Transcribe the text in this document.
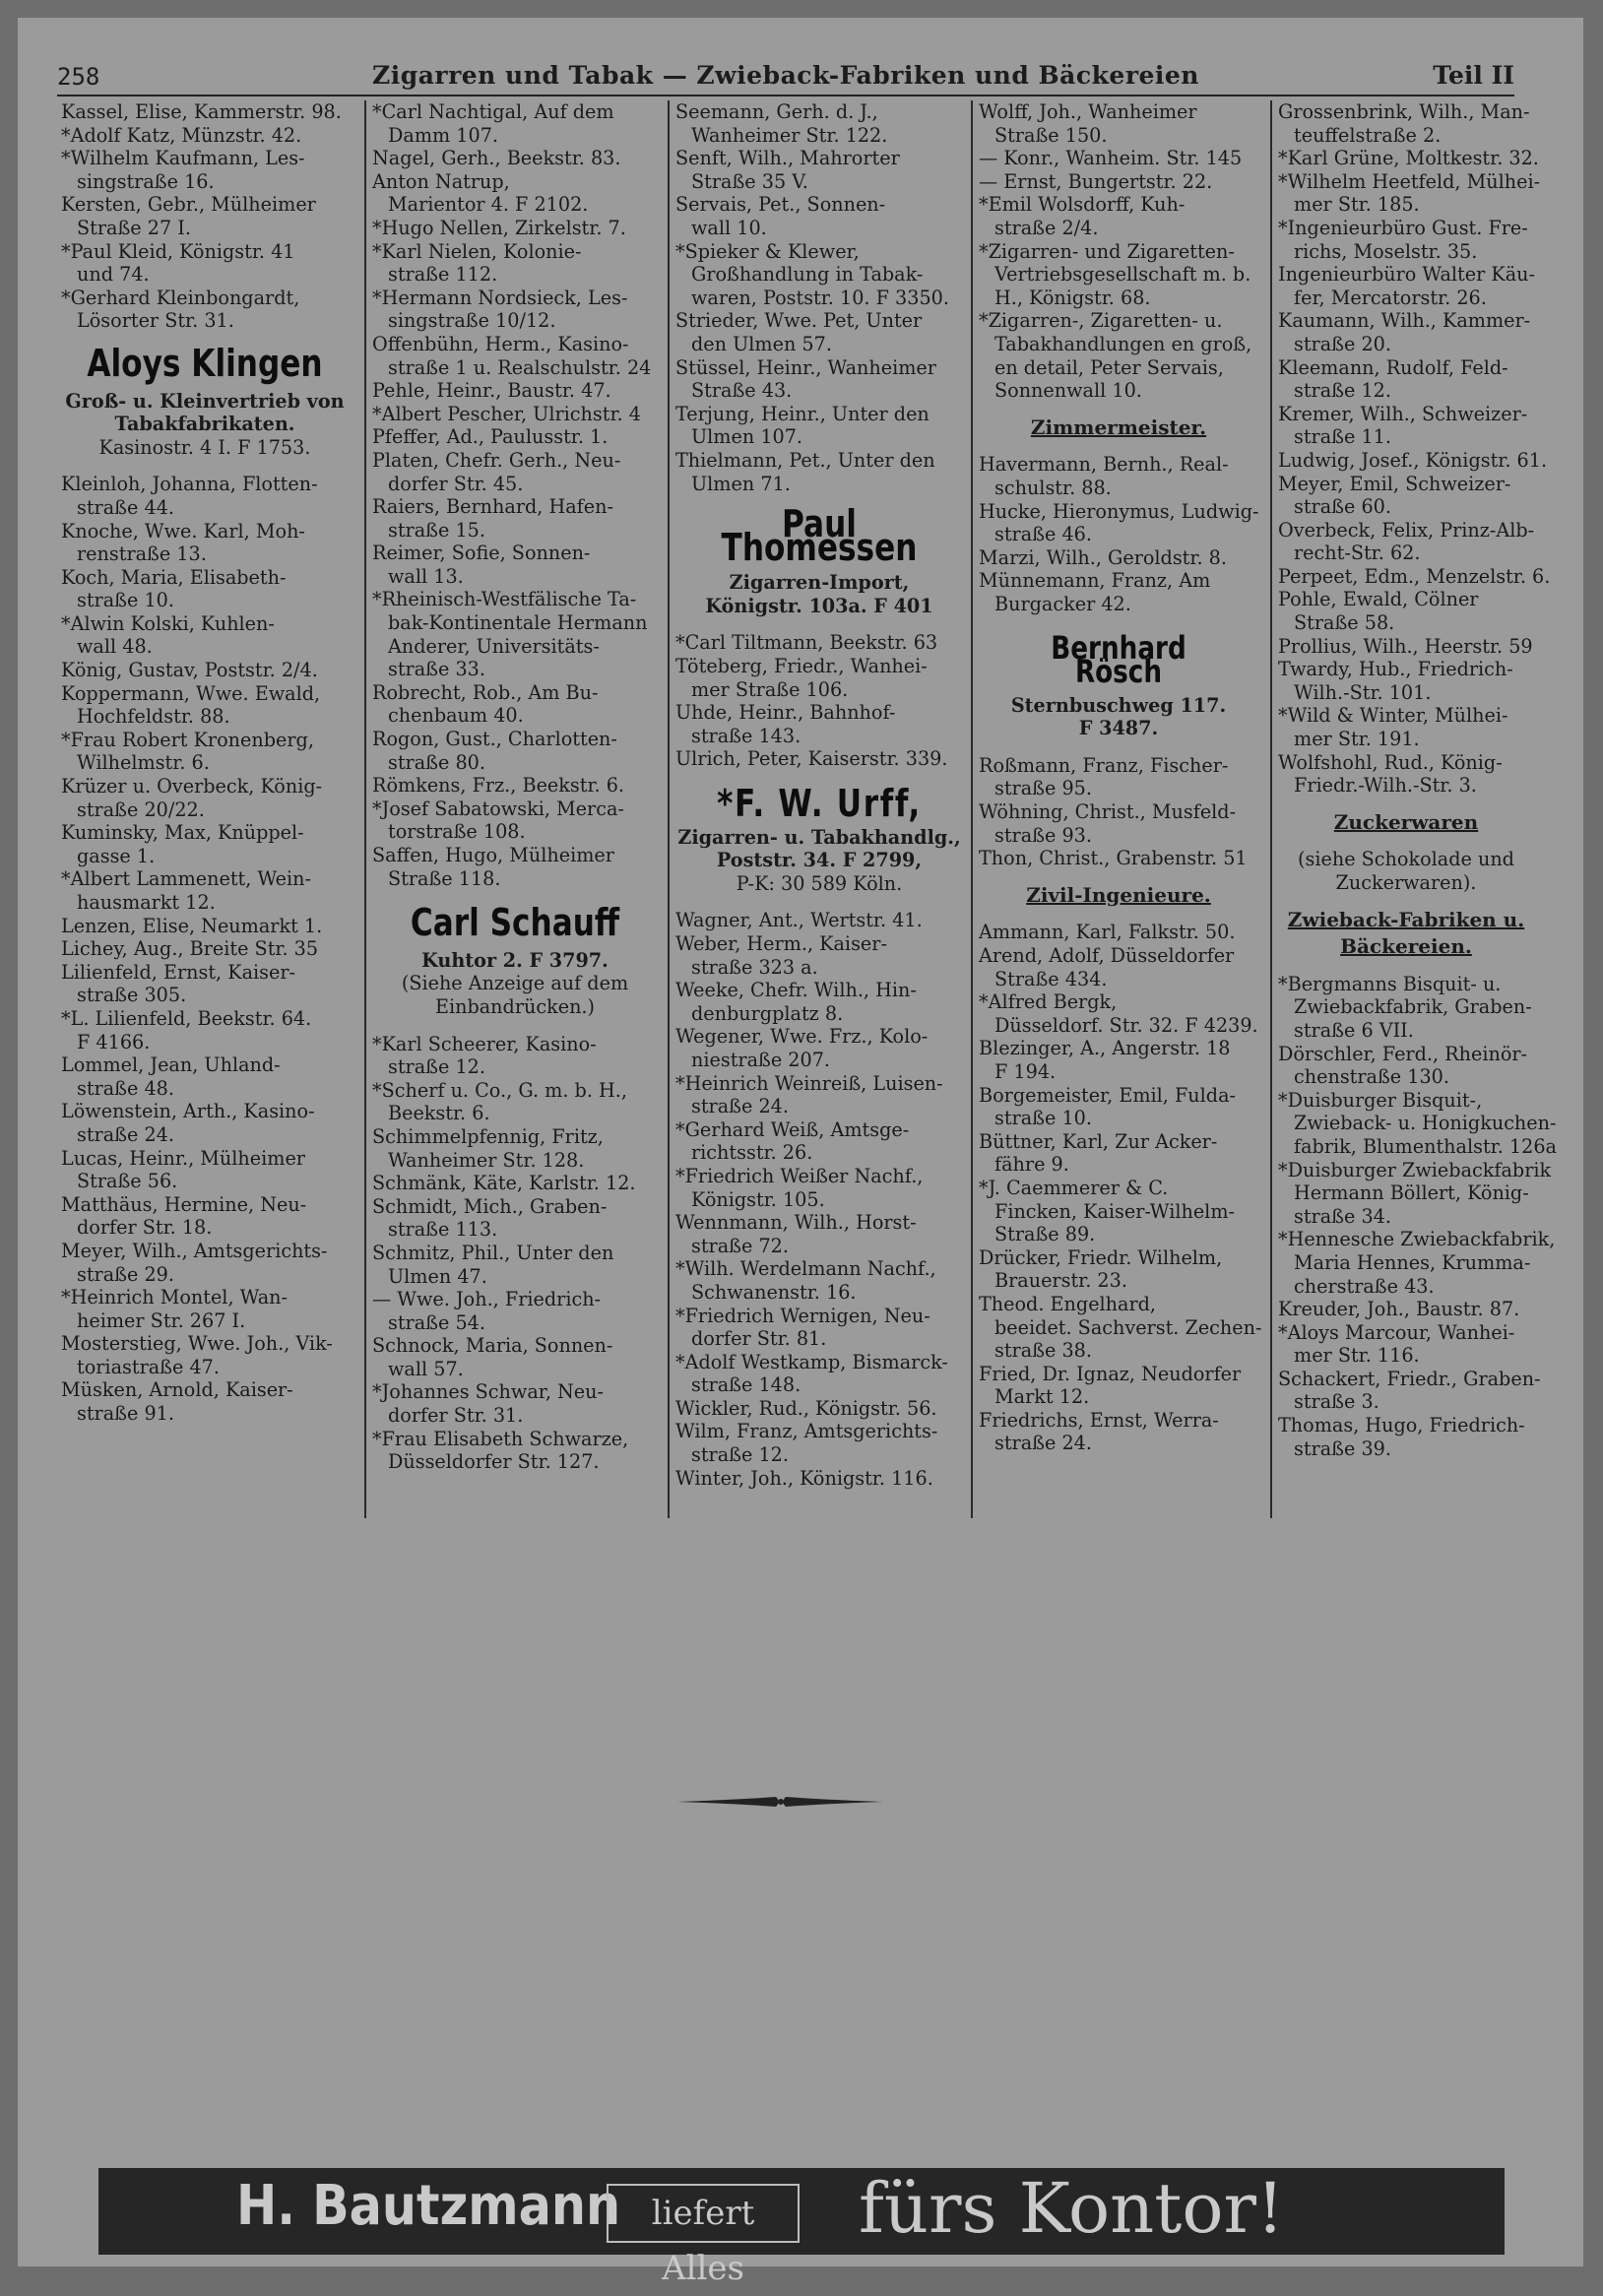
258	Zigarren und Tabak — Zwieback-Fabriken und Bäckereien	Teil II
Kassel, Elise, Kammerstr. 98.
*Adolf Katz, Münzstr. 42.
*Wilhelm Kaufmann, Les-
singstraße 16.
Kersten, Gebr., Mülheimer
Straße 27 I.
*Paul Kleid, Königstr. 41
und 74.
*Gerhard Kleinbongardt,
Lösorter Str. 31.
Aloys Klingen
Groß- u. Kleinvertrieb von
Tabakfabrikaten.
Kasinostr. 4 I. F 1753.
Kleinloh, Johanna, Flotten-
straße 44.
Knoche, Wwe. Karl, Moh-
renstraße 13.
Koch, Maria, Elisabeth-
straße 10.
*Alwin Kolski, Kuhlen-
wall 48.
König, Gustav, Poststr. 2/4.
Koppermann, Wwe. Ewald,
Hochfeldstr. 88.
*Frau Robert Kronenberg,
Wilhelmstr. 6.
Krüzer u. Overbeck, König-
straße 20/22.
Kuminsky, Max, Knüppel-
gasse 1.
*Albert Lammenett, Wein-
hausmarkt 12.
Lenzen, Elise, Neumarkt 1.
Lichey, Aug., Breite Str. 35
Lilienfeld, Ernst, Kaiser-
straße 305.
*L. Lilienfeld, Beekstr. 64.
F 4166.
Lommel, Jean, Uhland-
straße 48.
Löwenstein, Arth., Kasino-
straße 24.
Lucas, Heinr., Mülheimer
Straße 56.
Matthäus, Hermine, Neu-
dorfer Str. 18.
Meyer, Wilh., Amtsgerichts-
straße 29.
*Heinrich Montel, Wan-
heimer Str. 267 I.
Mosterstieg, Wwe. Joh., Vik-
toriastraße 47.
Müsken, Arnold, Kaiser-
straße 91.
*Carl Nachtigal, Auf dem
Damm 107.
Nagel, Gerh., Beekstr. 83.
Anton Natrup,
Marientor 4. F 2102.
*Hugo Nellen, Zirkelstr. 7.
*Karl Nielen, Kolonie-
straße 112.
*Hermann Nordsieck, Les-
singstraße 10/12.
Offenbühn, Herm., Kasino-
straße 1 u. Realschulstr. 24
Pehle, Heinr., Baustr. 47.
*Albert Pescher, Ulrichstr. 4
Pfeffer, Ad., Paulusstr. 1.
Platen, Chefr. Gerh., Neu-
dorfer Str. 45.
Raiers, Bernhard, Hafen-
straße 15.
Reimer, Sofie, Sonnen-
wall 13.
*Rheinisch-Westfälische Ta-
bak-Kontinentale Hermann
Anderer, Universitäts-
straße 33.
Robrecht, Rob., Am Bu-
chenbaum 40.
Rogon, Gust., Charlotten-
straße 80.
Römkens, Frz., Beekstr. 6.
*Josef Sabatowski, Merca-
torstraße 108.
Saffen, Hugo, Mülheimer
Straße 118.
Carl Schauff
Kuhtor 2. F 3797.
(Siehe Anzeige auf dem
Einbandrücken.)
*Karl Scheerer, Kasino-
straße 12.
*Scherf u. Co., G. m. b. H.,
Beekstr. 6.
Schimmelpfennig, Fritz,
Wanheimer Str. 128.
Schmänk, Käte, Karlstr. 12.
Schmidt, Mich., Graben-
straße 113.
Schmitz, Phil., Unter den
Ulmen 47.
— Wwe. Joh., Friedrich-
straße 54.
Schnock, Maria, Sonnen-
wall 57.
*Johannes Schwar, Neu-
dorfer Str. 31.
*Frau Elisabeth Schwarze,
Düsseldorfer Str. 127.
Seemann, Gerh. d. J.,
Wanheimer Str. 122.
Senft, Wilh., Mahrorter
Straße 35 V.
Servais, Pet., Sonnen-
wall 10.
*Spieker & Klewer,
Großhandlung in Tabak-
waren, Poststr. 10. F 3350.
Strieder, Wwe. Pet, Unter
den Ulmen 57.
Stüssel, Heinr., Wanheimer
Straße 43.
Terjung, Heinr., Unter den
Ulmen 107.
Thielmann, Pet., Unter den
Ulmen 71.
Paul Thomessen
Zigarren-Import,
Königstr. 103a. F 401
*Carl Tiltmann, Beekstr. 63
Töteberg, Friedr., Wanhei-
mer Straße 106.
Uhde, Heinr., Bahnhof-
straße 143.
Ulrich, Peter, Kaiserstr. 339.
*F. W. Urff,
Zigarren- u. Tabakhandlg.,
Poststr. 34. F 2799,
P-K: 30 589 Köln.
Wagner, Ant., Wertstr. 41.
Weber, Herm., Kaiser-
straße 323 a.
Weeke, Chefr. Wilh., Hin-
denburgplatz 8.
Wegener, Wwe. Frz., Kolo-
niestraße 207.
*Heinrich Weinreiß, Luisen-
straße 24.
*Gerhard Weiß, Amtsge-
richtsstr. 26.
*Friedrich Weißer Nachf.,
Königstr. 105.
Wennmann, Wilh., Horst-
straße 72.
*Wilh. Werdelmann Nachf.,
Schwanenstr. 16.
*Friedrich Wernigen, Neu-
dorfer Str. 81.
*Adolf Westkamp, Bismarck-
straße 148.
Wickler, Rud., Königstr. 56.
Wilm, Franz, Amtsgerichts-
straße 12.
Winter, Joh., Königstr. 116.
Wolff, Joh., Wanheimer
Straße 150.
— Konr., Wanheim. Str. 145
— Ernst, Bungertstr. 22.
*Emil Wolsdorff, Kuh-
straße 2/4.
*Zigarren- und Zigaretten-
Vertriebsgesellschaft m. b.
H., Königstr. 68.
*Zigarren-, Zigaretten- u.
Tabakhandlungen en groß,
en detail, Peter Servais,
Sonnenwall 10.
Zimmermeister.
Havermann, Bernh., Real-
schulstr. 88.
Hucke, Hieronymus, Ludwig-
straße 46.
Marzi, Wilh., Geroldstr. 8.
Münnemann, Franz, Am
Burgacker 42.
Bernhard Rösch
Sternbuschweg 117.
F 3487.
Roßmann, Franz, Fischer-
straße 95.
Wöhning, Christ., Musfeld-
straße 93.
Thon, Christ., Grabenstr. 51
Zivil-Ingenieure.
Ammann, Karl, Falkstr. 50.
Arend, Adolf, Düsseldorfer
Straße 434.
*Alfred Bergk,
Düsseldorf. Str. 32. F 4239.
Blezinger, A., Angerstr. 18
F 194.
Borgemeister, Emil, Fulda-
straße 10.
Büttner, Karl, Zur Acker-
fähre 9.
*J. Caemmerer & C.
Fincken, Kaiser-Wilhelm-
Straße 89.
Drücker, Friedr. Wilhelm,
Brauerstr. 23.
Theod. Engelhard,
beeidet. Sachverst. Zechen-
straße 38.
Fried, Dr. Ignaz, Neudorfer
Markt 12.
Friedrichs, Ernst, Werra-
straße 24.
Grossenbrink, Wilh., Man-
teuffelstraße 2.
*Karl Grüne, Moltkestr. 32.
*Wilhelm Heetfeld, Mülhei-
mer Str. 185.
*Ingenieurbüro Gust. Fre-
richs, Moselstr. 35.
Ingenieurbüro Walter Käu-
fer, Mercatorstr. 26.
Kaumann, Wilh., Kammer-
straße 20.
Kleemann, Rudolf, Feld-
straße 12.
Kremer, Wilh., Schweizer-
straße 11.
Ludwig, Josef., Königstr. 61.
Meyer, Emil, Schweizer-
straße 60.
Overbeck, Felix, Prinz-Alb-
recht-Str. 62.
Perpeet, Edm., Menzelstr. 6.
Pohle, Ewald, Cölner
Straße 58.
Prollius, Wilh., Heerstr. 59
Twardy, Hub., Friedrich-
Wilh.-Str. 101.
*Wild & Winter, Mülhei-
mer Str. 191.
Wolfshohl, Rud., König-
Friedr.-Wilh.-Str. 3.
Zuckerwaren
(siehe Schokolade und
Zuckerwaren).
Zwieback-Fabriken u.
Bäckereien.
*Bergmanns Bisquit- u.
Zwiebackfabrik, Graben-
straße 6 VII.
Dörschler, Ferd., Rheinör-
chenstraße 130.
*Duisburger Bisquit-,
Zwieback- u. Honigkuchen-
fabrik, Blumenthalstr. 126a
*Duisburger Zwiebackfabrik
Hermann Böllert, König-
straße 34.
*Hennesche Zwiebackfabrik,
Maria Hennes, Krumma-
cherstraße 43.
Kreuder, Joh., Baustr. 87.
*Aloys Marcour, Wanhei-
mer Str. 116.
Schackert, Friedr., Graben-
straße 3.
Thomas, Hugo, Friedrich-
straße 39.
H. Bautzmann liefert Alles
fürs Kontor!
